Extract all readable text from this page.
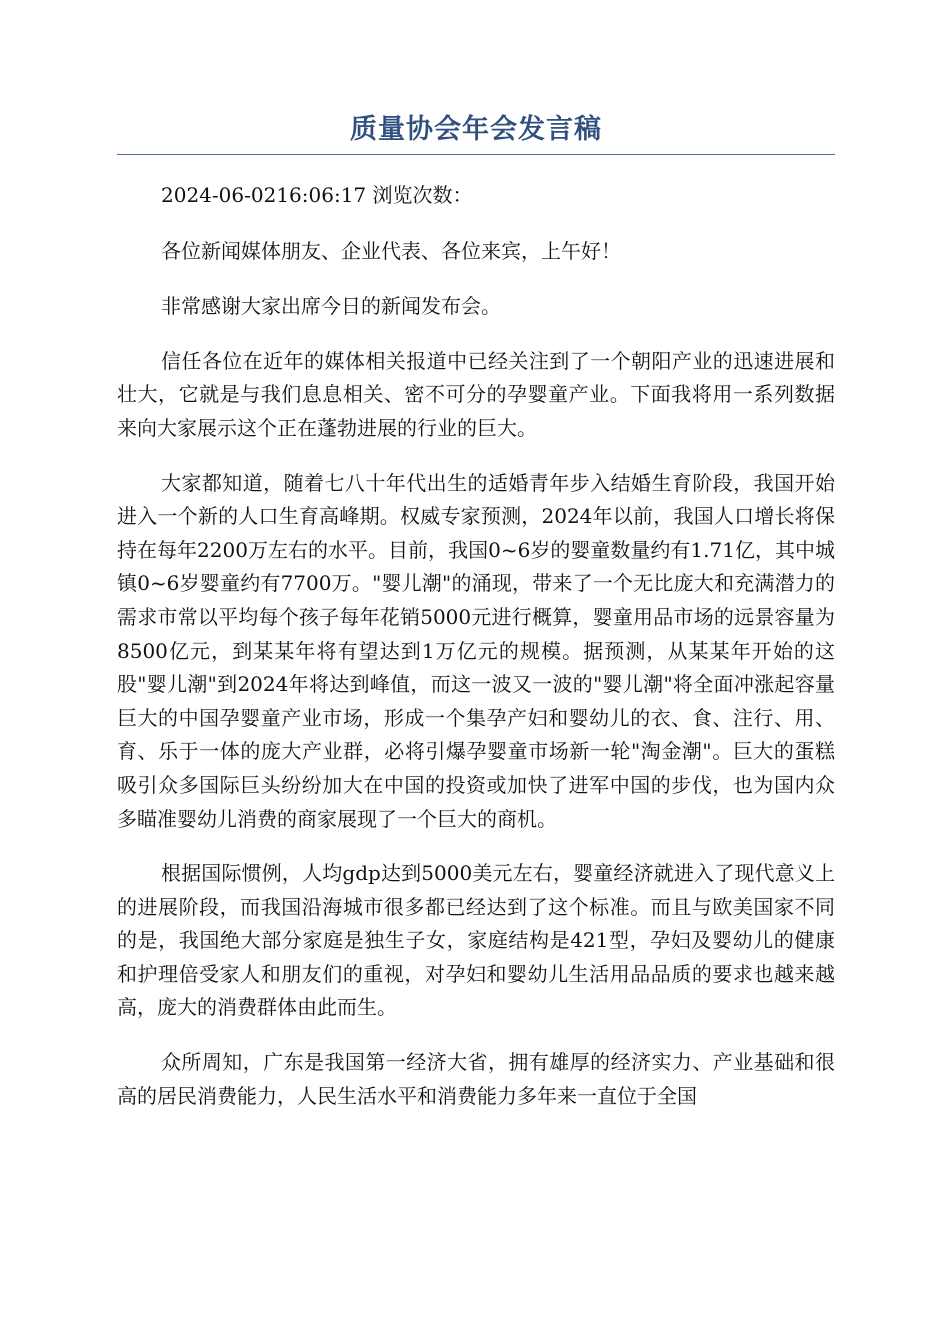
质量协会年会发言稿

2024-06-0216:06:17 浏览次数：

各位新闻媒体朋友、企业代表、各位来宾，上午好！

非常感谢大家出席今日的新闻发布会。

信任各位在近年的媒体相关报道中已经关注到了一个朝阳产业的迅速进展和壮大，它就是与我们息息相关、密不可分的孕婴童产业。下面我将用一系列数据来向大家展示这个正在蓬勃进展的行业的巨大。

大家都知道，随着七八十年代出生的适婚青年步入结婚生育阶段，我国开始进入一个新的人口生育高峰期。权威专家预测，2024年以前，我国人口增长将保持在每年2200万左右的水平。目前，我国0~6岁的婴童数量约有1.71亿，其中城镇0~6岁婴童约有7700万。"婴儿潮"的涌现，带来了一个无比庞大和充满潜力的需求市常以平均每个孩子每年花销5000元进行概算，婴童用品市场的远景容量为8500亿元，到某某年将有望达到1万亿元的规模。据预测，从某某年开始的这股"婴儿潮"到2024年将达到峰值，而这一波又一波的"婴儿潮"将全面冲涨起容量巨大的中国孕婴童产业市场，形成一个集孕产妇和婴幼儿的衣、食、注行、用、育、乐于一体的庞大产业群，必将引爆孕婴童市场新一轮"淘金潮"。巨大的蛋糕吸引众多国际巨头纷纷加大在中国的投资或加快了进军中国的步伐，也为国内众多瞄准婴幼儿消费的商家展现了一个巨大的商机。

根据国际惯例，人均gdp达到5000美元左右，婴童经济就进入了现代意义上的进展阶段，而我国沿海城市很多都已经达到了这个标准。而且与欧美国家不同的是，我国绝大部分家庭是独生子女，家庭结构是421型，孕妇及婴幼儿的健康和护理倍受家人和朋友们的重视，对孕妇和婴幼儿生活用品品质的要求也越来越高，庞大的消费群体由此而生。

众所周知，广东是我国第一经济大省，拥有雄厚的经济实力、产业基础和很高的居民消费能力，人民生活水平和消费能力多年来一直位于全国
